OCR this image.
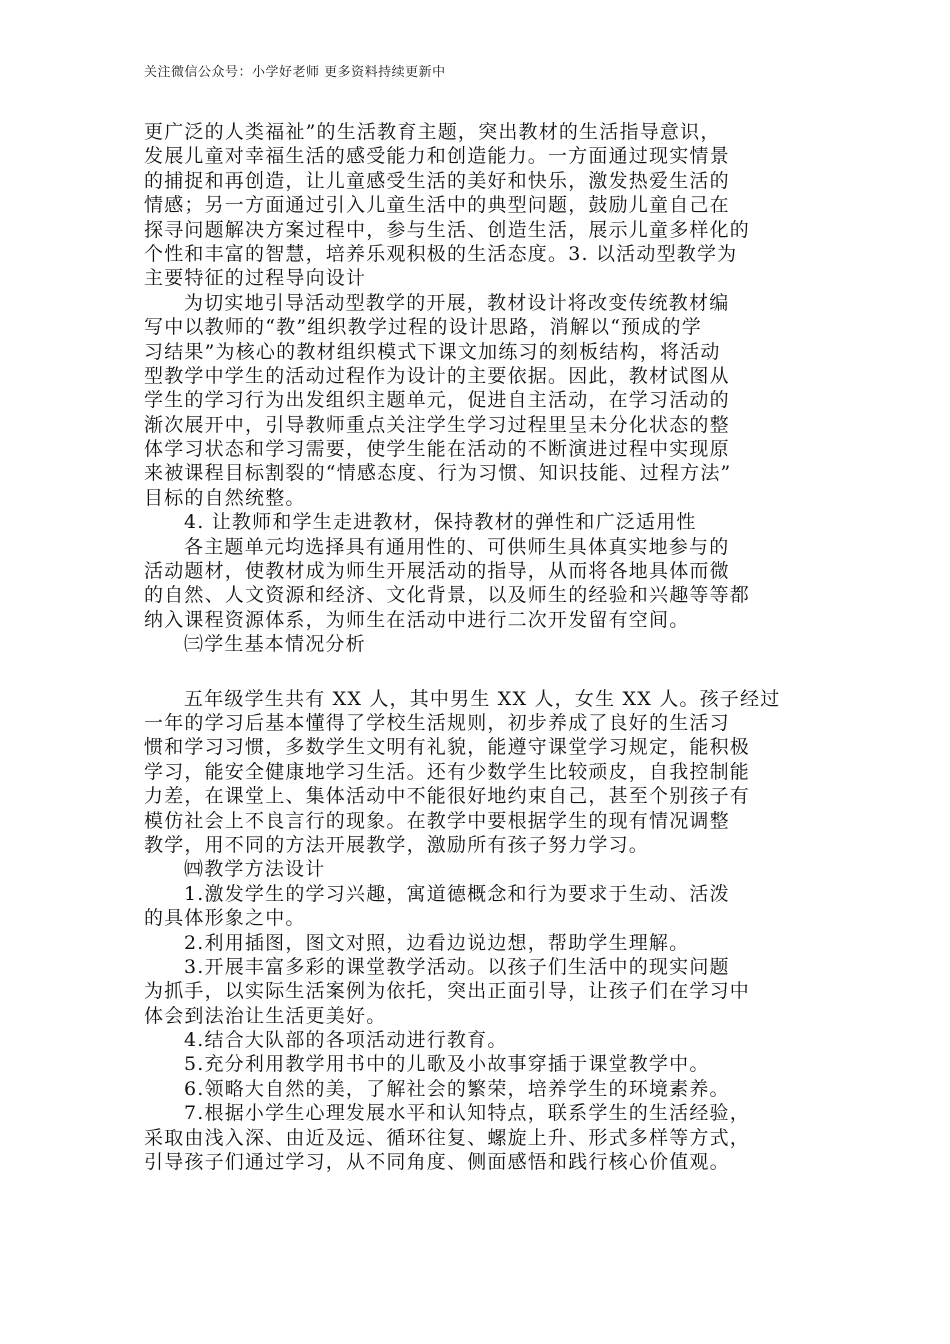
关注微信公众号：小学好老师 更多资料持续更新中
更广泛的人类福祉”的生活教育主题，突出教材的生活指导意识，
发展儿童对幸福生活的感受能力和创造能力。一方面通过现实情景
的捕捉和再创造，让儿童感受生活的美好和快乐，激发热爱生活的
情感；另一方面通过引入儿童生活中的典型问题，鼓励儿童自己在
探寻问题解决方案过程中，参与生活、创造生活，展示儿童多样化的
个性和丰富的智慧，培养乐观积极的生活态度。3. 以活动型教学为
主要特征的过程导向设计
为切实地引导活动型教学的开展，教材设计将改变传统教材编
写中以教师的“教”组织教学过程的设计思路，消解以“预成的学
习结果”为核心的教材组织模式下课文加练习的刻板结构，将活动
型教学中学生的活动过程作为设计的主要依据。因此，教材试图从
学生的学习行为出发组织主题单元，促进自主活动，在学习活动的
渐次展开中，引导教师重点关注学生学习过程里呈未分化状态的整
体学习状态和学习需要，使学生能在活动的不断演进过程中实现原
来被课程目标割裂的“情感态度、行为习惯、知识技能、过程方法”
目标的自然统整。
4. 让教师和学生走进教材，保持教材的弹性和广泛适用性
各主题单元均选择具有通用性的、可供师生具体真实地参与的
活动题材，使教材成为师生开展活动的指导，从而将各地具体而微
的自然、人文资源和经济、文化背景，以及师生的经验和兴趣等等都
纳入课程资源体系，为师生在活动中进行二次开发留有空间。
㈢学生基本情况分析
五年级学生共有 XX 人，其中男生 XX 人，女生 XX 人。孩子经过
一年的学习后基本懂得了学校生活规则，初步养成了良好的生活习
惯和学习习惯，多数学生文明有礼貌，能遵守课堂学习规定，能积极
学习，能安全健康地学习生活。还有少数学生比较顽皮，自我控制能
力差，在课堂上、集体活动中不能很好地约束自己，甚至个别孩子有
模仿社会上不良言行的现象。在教学中要根据学生的现有情况调整
教学，用不同的方法开展教学，激励所有孩子努力学习。
㈣教学方法设计
1.激发学生的学习兴趣，寓道德概念和行为要求于生动、活泼
的具体形象之中。
2.利用插图，图文对照，边看边说边想，帮助学生理解。
3.开展丰富多彩的课堂教学活动。以孩子们生活中的现实问题
为抓手，以实际生活案例为依托，突出正面引导，让孩子们在学习中
体会到法治让生活更美好。
4.结合大队部的各项活动进行教育。
5.充分利用教学用书中的儿歌及小故事穿插于课堂教学中。
6.领略大自然的美，了解社会的繁荣，培养学生的环境素养。
7.根据小学生心理发展水平和认知特点，联系学生的生活经验，
采取由浅入深、由近及远、循环往复、螺旋上升、形式多样等方式，
引导孩子们通过学习，从不同角度、侧面感悟和践行核心价值观。
